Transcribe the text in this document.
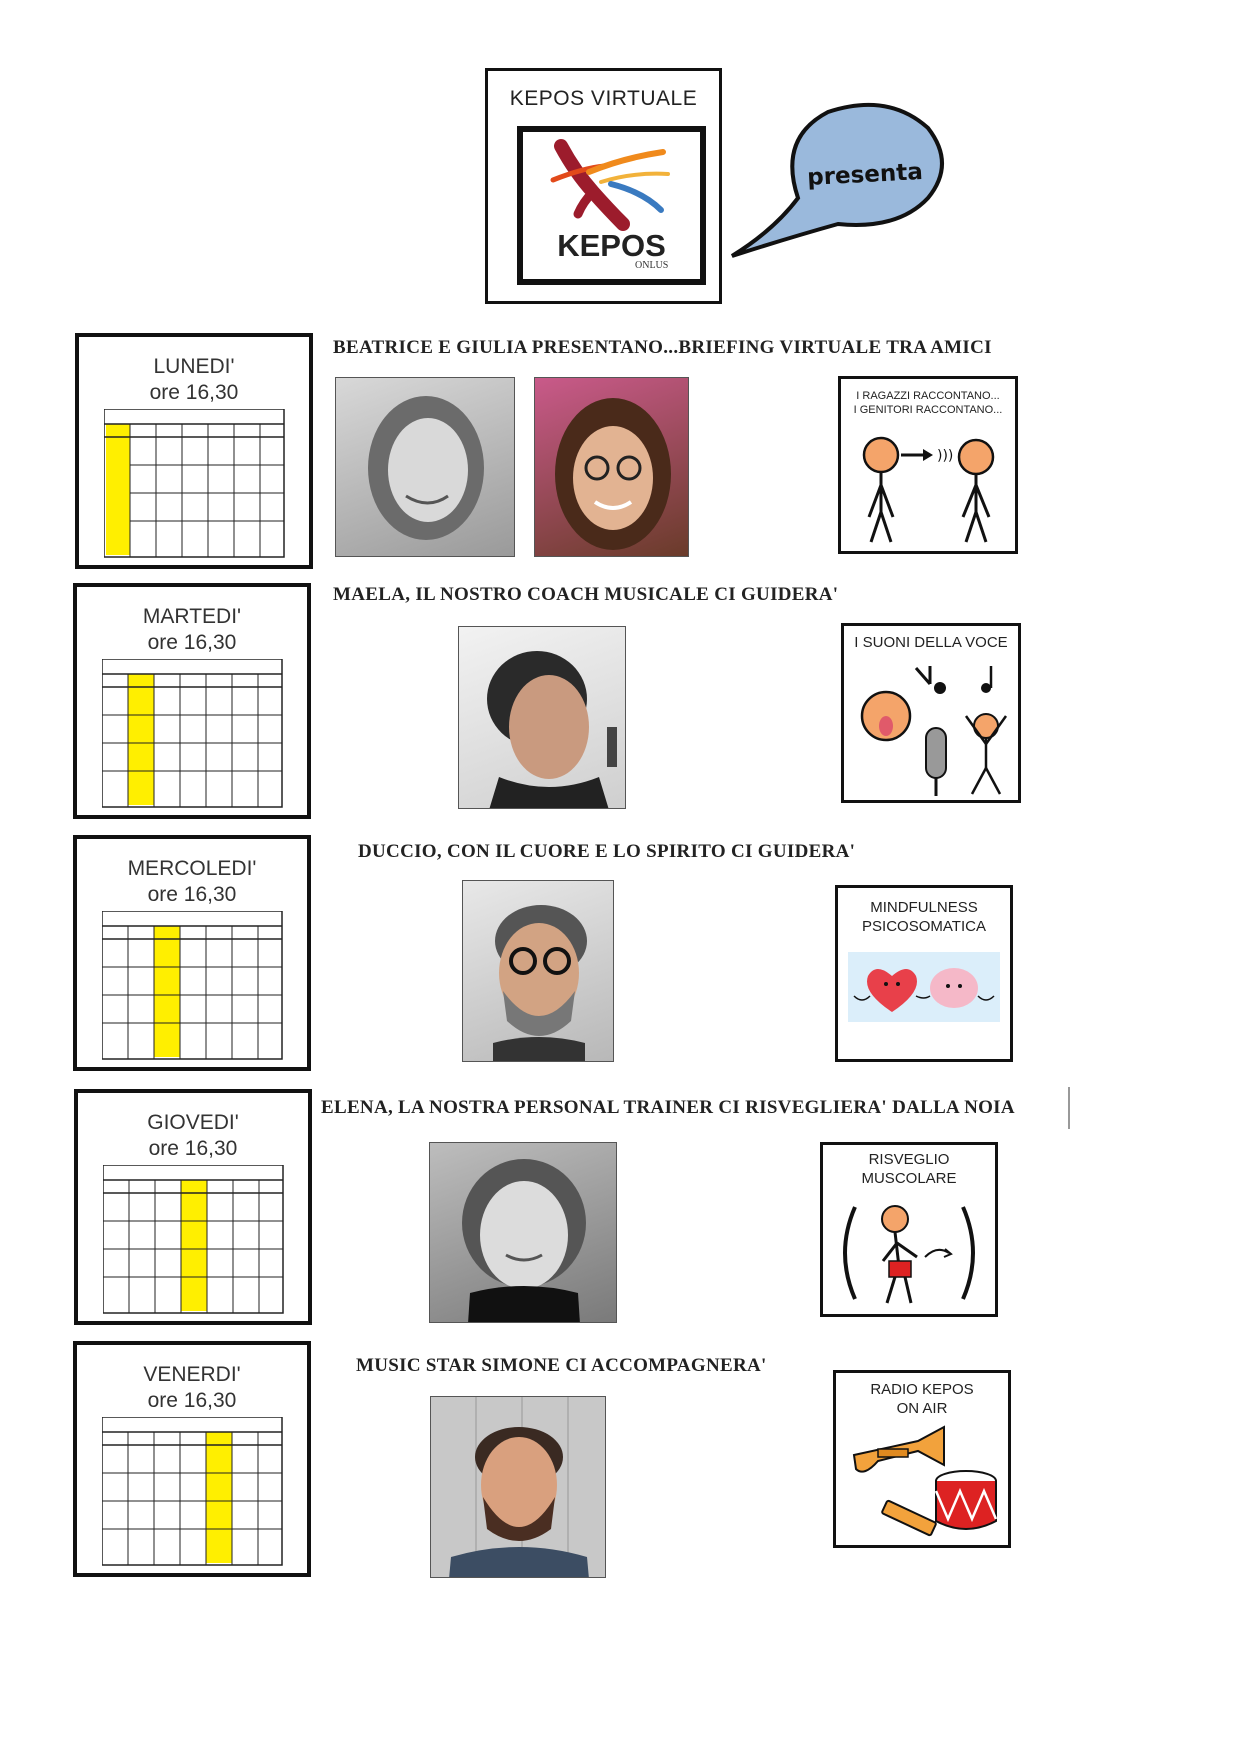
KEPOS VIRTUALE
KEPOS
ONLUS
presenta
LUNEDI'
ore 16,30
BEATRICE E GIULIA PRESENTANO...BRIEFING VIRTUALE TRA AMICI
I RAGAZZI RACCONTANO...
I GENITORI RACCONTANO...
)))
MARTEDI'
ore 16,30
MAELA, IL NOSTRO COACH MUSICALE CI GUIDERA'
I SUONI DELLA VOCE
MERCOLEDI'
ore 16,30
DUCCIO, CON IL CUORE E LO SPIRITO CI GUIDERA'
MINDFULNESS
PSICOSOMATICA
GIOVEDI'
ore 16,30
ELENA, LA NOSTRA PERSONAL TRAINER CI RISVEGLIERA' DALLA NOIA
RISVEGLIO
MUSCOLARE
VENERDI'
ore 16,30
MUSIC STAR SIMONE CI ACCOMPAGNERA'
RADIO KEPOS
ON AIR
